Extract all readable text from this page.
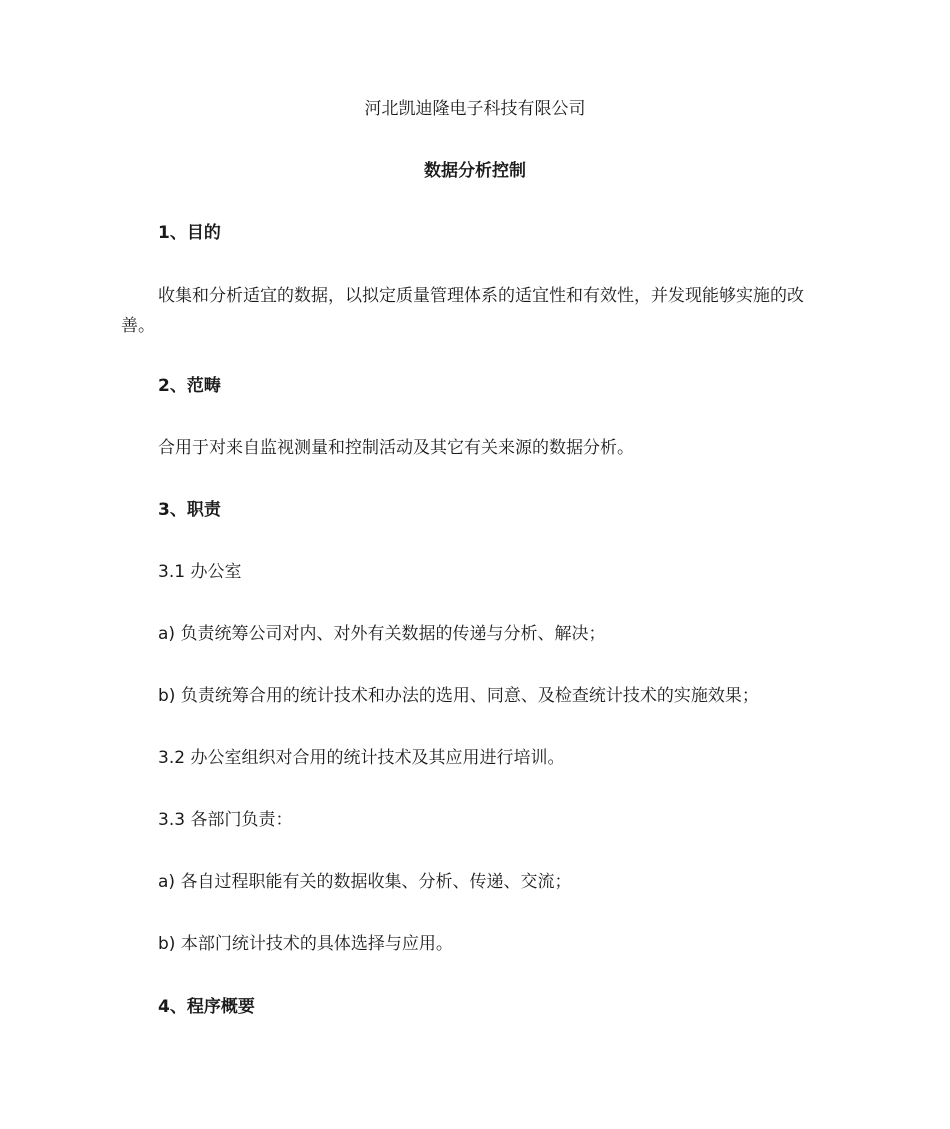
河北凯迪隆电子科技有限公司
数据分析控制
1、目的
收集和分析适宜的数据，以拟定质量管理体系的适宜性和有效性，并发现能够实施的改善。
2、范畴
合用于对来自监视测量和控制活动及其它有关来源的数据分析。
3、职责
3.1 办公室
a) 负责统筹公司对内、对外有关数据的传递与分析、解决；
b) 负责统筹合用的统计技术和办法的选用、同意、及检查统计技术的实施效果；
3.2 办公室组织对合用的统计技术及其应用进行培训。
3.3 各部门负责：
a) 各自过程职能有关的数据收集、分析、传递、交流；
b) 本部门统计技术的具体选择与应用。
4、程序概要
